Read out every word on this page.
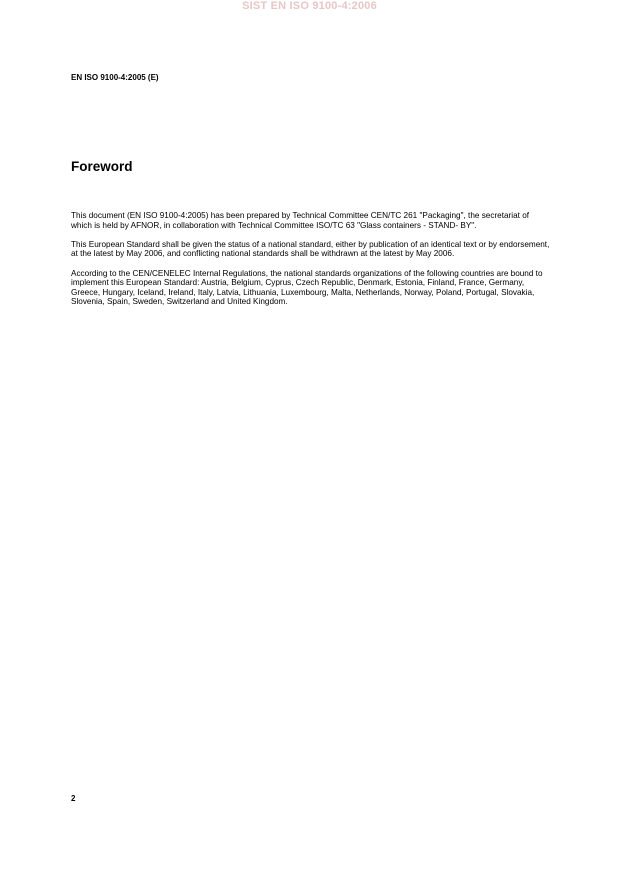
SIST EN ISO 9100-4:2006
EN ISO 9100-4:2005 (E)
Foreword

This document (EN ISO 9100-4:2005) has been prepared by Technical Committee CEN/TC 261 "Packaging", the secretariat of which is held by AFNOR, in collaboration with Technical Committee ISO/TC 63 "Glass containers - STAND- BY".

This European Standard shall be given the status of a national standard, either by publication of an identical text or by endorsement, at the latest by May 2006, and conflicting national standards shall be withdrawn at the latest by May 2006.

According to the CEN/CENELEC Internal Regulations, the national standards organizations of the following countries are bound to implement this European Standard: Austria, Belgium, Cyprus, Czech Republic, Denmark, Estonia, Finland, France, Germany, Greece, Hungary, Iceland, Ireland, Italy, Latvia, Lithuania, Luxembourg, Malta, Netherlands, Norway, Poland, Portugal, Slovakia, Slovenia, Spain, Sweden, Switzerland and United Kingdom.

2
